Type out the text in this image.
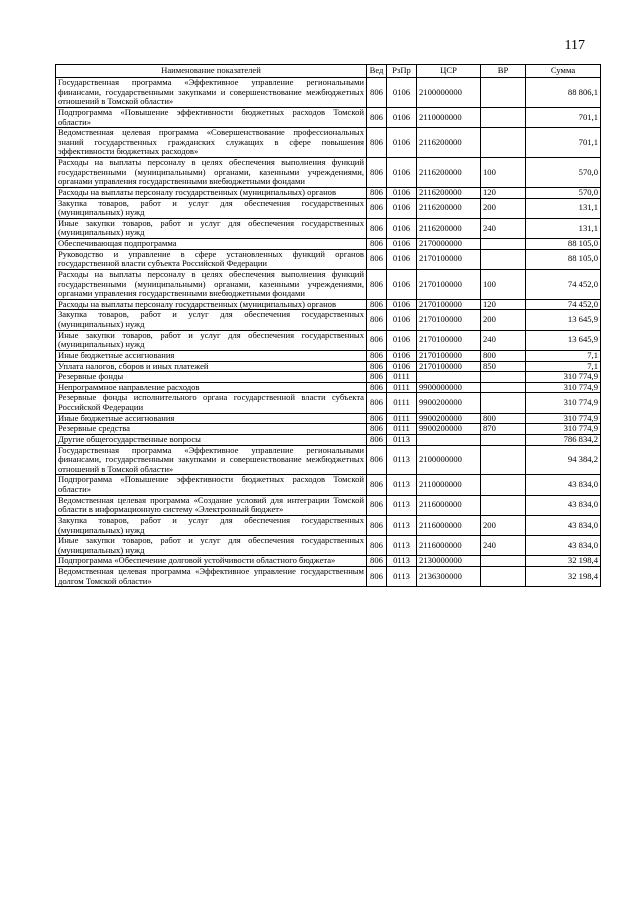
117
Наименование показателей	Вед	РзПр	ЦСР	ВР	Сумма
Государственная программа «Эффективное управление региональными финансами, государственными закупками и совершенствование межбюджетных отношений в Томской области»	806	0106	2100000000		88 806,1
Подпрограмма «Повышение эффективности бюджетных расходов Томской области»	806	0106	2110000000		701,1
Ведомственная целевая программа «Совершенствование профессиональных знаний государственных гражданских служащих в сфере повышения эффективности бюджетных расходов»	806	0106	2116200000		701,1
Расходы на выплаты персоналу в целях обеспечения выполнения функций государственными (муниципальными) органами, казенными учреждениями, органами управления государственными внебюджетными фондами	806	0106	2116200000	100	570,0
Расходы на выплаты персоналу государственных (муниципальных) органов	806	0106	2116200000	120	570,0
Закупка товаров, работ и услуг для обеспечения государственных (муниципальных) нужд	806	0106	2116200000	200	131,1
Иные закупки товаров, работ и услуг для обеспечения государственных (муниципальных) нужд	806	0106	2116200000	240	131,1
Обеспечивающая подпрограмма	806	0106	2170000000		88 105,0
Руководство и управление в сфере установленных функций органов государственной власти субъекта Российской Федерации	806	0106	2170100000		88 105,0
Расходы на выплаты персоналу в целях обеспечения выполнения функций государственными (муниципальными) органами, казенными учреждениями, органами управления государственными внебюджетными фондами	806	0106	2170100000	100	74 452,0
Расходы на выплаты персоналу государственных (муниципальных) органов	806	0106	2170100000	120	74 452,0
Закупка товаров, работ и услуг для обеспечения государственных (муниципальных) нужд	806	0106	2170100000	200	13 645,9
Иные закупки товаров, работ и услуг для обеспечения государственных (муниципальных) нужд	806	0106	2170100000	240	13 645,9
Иные бюджетные ассигнования	806	0106	2170100000	800	7,1
Уплата налогов, сборов и иных платежей	806	0106	2170100000	850	7,1
Резервные фонды	806	0111			310 774,9
Непрограммное направление расходов	806	0111	9900000000		310 774,9
Резервные фонды исполнительного органа государственной власти субъекта Российской Федерации	806	0111	9900200000		310 774,9
Иные бюджетные ассигнования	806	0111	9900200000	800	310 774,9
Резервные средства	806	0111	9900200000	870	310 774,9
Другие общегосударственные вопросы	806	0113			786 834,2
Государственная программа «Эффективное управление региональными финансами, государственными закупками и совершенствование межбюджетных отношений в Томской области»	806	0113	2100000000		94 384,2
Подпрограмма «Повышение эффективности бюджетных расходов Томской области»	806	0113	2110000000		43 834,0
Ведомственная целевая программа «Создание условий для интеграции Томской области в информационную систему «Электронный бюджет»	806	0113	2116000000		43 834,0
Закупка товаров, работ и услуг для обеспечения государственных (муниципальных) нужд	806	0113	2116000000	200	43 834,0
Иные закупки товаров, работ и услуг для обеспечения государственных (муниципальных) нужд	806	0113	2116000000	240	43 834,0
Подпрограмма «Обеспечение долговой устойчивости областного бюджета»	806	0113	2130000000		32 198,4
Ведомственная целевая программа «Эффективное управление государственным долгом Томской области»	806	0113	2136300000		32 198,4
